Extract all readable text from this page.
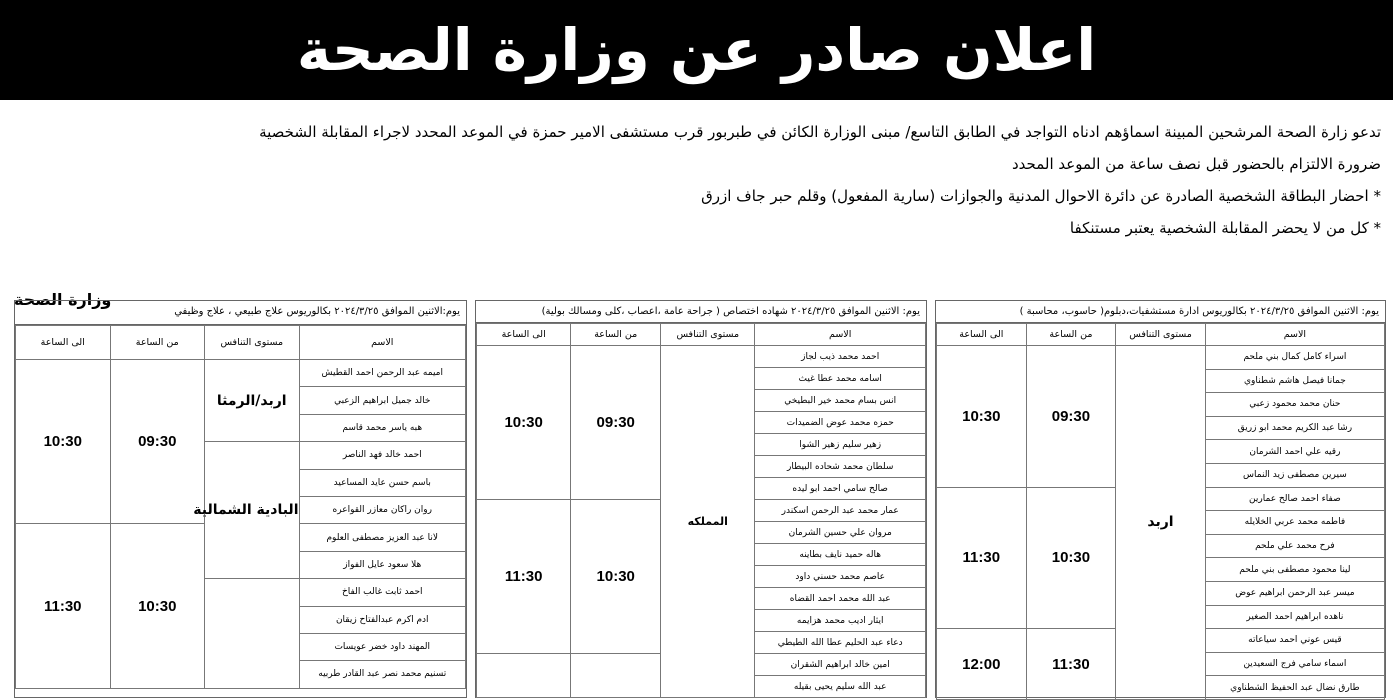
اعلان صادر عن وزارة الصحة

تدعو زارة الصحة المرشحين المبينة اسماؤهم ادناه التواجد في الطابق التاسع/ مبنى الوزارة الكائن في طبربور قرب مستشفى الامير حمزة في الموعد المحدد لاجراء المقابلة الشخصية

ضرورة الالتزام بالحضور قبل نصف ساعة من الموعد المحدد

* احضار البطاقة الشخصية الصادرة عن دائرة الاحوال المدنية والجوازات (سارية المفعول) وقلم حبر جاف ازرق

* كل من لا يحضر المقابلة الشخصية يعتبر مستنكفا

وزارة الصحة
يوم: الاثنين الموافق ٢٠٢٤/٣/٢٥ بكالوريوس ادارة مستشفيات،دبلوم( حاسوب، محاسبة )
الاسم	مستوى التنافس	من الساعة	الى الساعة
اسراء كامل كمال بني ملحم	اربد	09:30	10:30
جمانا فيصل هاشم شطناوي			
حنان محمد محمود زعبي			
رشا عبد الكريم محمد ابو زريق			
رقيه علي احمد الشرمان			
سيرين مصطفى زيد النماس			
صفاء احمد صالح عمارين		10:30	11:30
فاطمه محمد عربي الخلايله			
فرح محمد علي ملحم			
لينا محمود مصطفى بني ملحم			
ميسر عبد الرحمن ابراهيم عوض			
ناهده ابراهيم احمد الصغير			
قيس عوني احمد سياعاته		11:30	12:00
اسماء سامي فرج السعيدين			
طارق نضال عبد الحفيظ الشطناوي			
يوم: الاثنين الموافق ٢٠٢٤/٣/٢٥ شهاده اختصاص ( جراحة عامة ،اعصاب ،كلى ومسالك بولية)
الاسم	مستوى التنافس	من الساعة	الى الساعة
احمد محمد ذيب لجاز	المملكه	09:30	10:30
اسامه محمد عطا غيث			
انس بسام محمد خير البطيخي			
حمزه محمد عوض الضميدات			
زهير سليم زهير الشوا			
سلطان محمد شحاده البيطار			
صالح سامي احمد ابو ليده			
عمار محمد عبد الرحمن اسكندر		10:30	11:30
مروان علي حسين الشرمان			
هاله حميد نايف بطاينه			
عاصم محمد حسني داود			
عبد الله محمد احمد القضاه			
ايثار اديب محمد هزايمه			
دعاء عبد الحليم عطا الله الطيطي			
امين خالد ابراهيم الشقران			
عبد الله سليم يحيى بقيله			
يوم:الاثنين الموافق ٢٠٢٤/٣/٢٥ بكالوريوس علاج طبيعي ، علاج وظيفي
الاسم	مستوى التنافس	من الساعة	الى الساعة
اميمه عبد الرحمن احمد القطيش	اربد/الرمثا	09:30	10:30
خالد جميل ابراهيم الزعبي			
هبه ياسر محمد قاسم			
احمد خالد فهد الناصر	البادية الشمالية		
باسم حسن عايد المساعيد			
روان راكان معازر القواعره			
لانا عبد العزيز مصطفى العلوم		10:30	11:30
هلا سعود عايل الفواز			
احمد ثابت غالب الفاخ			
ادم اكرم عبدالفتاح زيقان			
المهند داود خضر عويسات			
تسنيم محمد نصر عبد القادر طربيه			
